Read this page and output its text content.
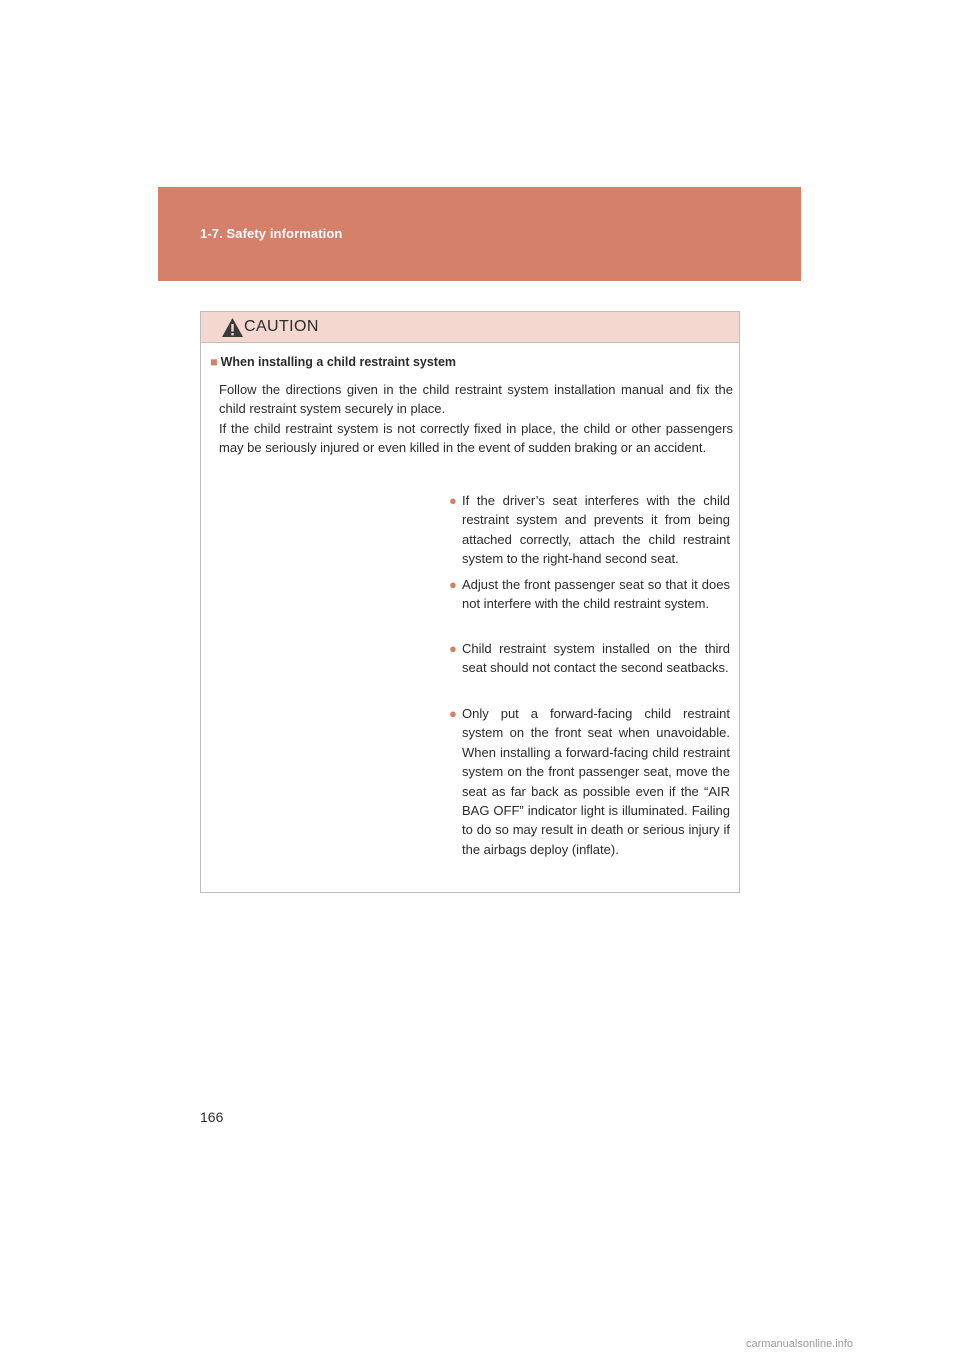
1-7. Safety information
CAUTION
■ When installing a child restraint system

Follow the directions given in the child restraint system installation manual and fix the child restraint system securely in place.

If the child restraint system is not correctly fixed in place, the child or other passengers may be seriously injured or even killed in the event of sudden braking or an accident.

● If the driver’s seat interferes with the child restraint system and prevents it from being attached correctly, attach the child restraint system to the right-hand second seat.
● Adjust the front passenger seat so that it does not interfere with the child restraint system.
● Child restraint system installed on the third seat should not contact the second seatbacks.
● Only put a forward-facing child restraint system on the front seat when unavoidable. When installing a forward-facing child restraint system on the front passenger seat, move the seat as far back as possible even if the “AIR BAG OFF” indicator light is illuminated. Failing to do so may result in death or serious injury if the airbags deploy (inflate).
166
carmanualsonline.info
